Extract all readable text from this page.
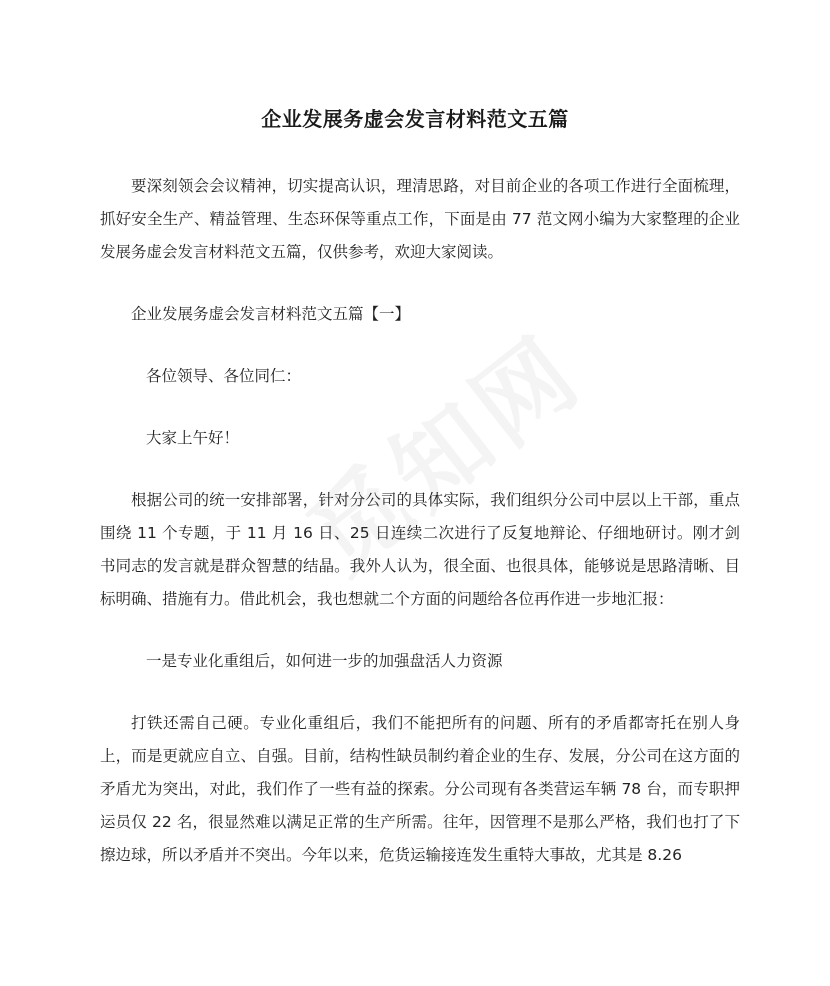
企业发展务虚会发言材料范文五篇

要深刻领会会议精神，切实提高认识，理清思路，对目前企业的各项工作进行全面梳理，抓好安全生产、精益管理、生态环保等重点工作，下面是由 77 范文网小编为大家整理的企业发展务虚会发言材料范文五篇，仅供参考，欢迎大家阅读。

企业发展务虚会发言材料范文五篇【一】

各位领导、各位同仁：

大家上午好！

根据公司的统一安排部署，针对分公司的具体实际，我们组织分公司中层以上干部，重点围绕 11 个专题，于 11 月 16 日、25 日连续二次进行了反复地辩论、仔细地研讨。刚才剑书同志的发言就是群众智慧的结晶。我外人认为，很全面、也很具体，能够说是思路清晰、目标明确、措施有力。借此机会，我也想就二个方面的问题给各位再作进一步地汇报：

一是专业化重组后，如何进一步的加强盘活人力资源

打铁还需自己硬。专业化重组后，我们不能把所有的问题、所有的矛盾都寄托在别人身上，而是更就应自立、自强。目前，结构性缺员制约着企业的生存、发展，分公司在这方面的矛盾尤为突出，对此，我们作了一些有益的探索。分公司现有各类营运车辆 78 台，而专职押运员仅 22 名，很显然难以满足正常的生产所需。往年，因管理不是那么严格，我们也打了下擦边球，所以矛盾并不突出。今年以来，危货运输接连发生重特大事故，尤其是 8.26
